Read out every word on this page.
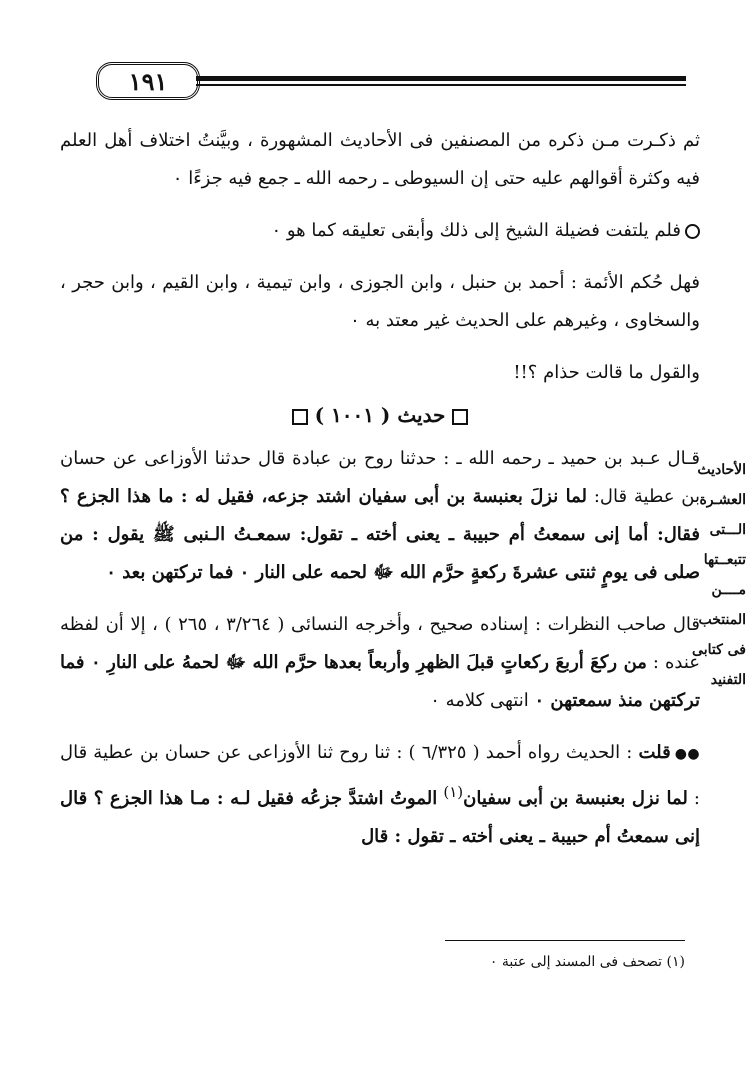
١٩١

ثم ذكـرت مـن ذكره من المصنفين فى الأحاديث المشهورة ، وبيَّنتُ اختلاف أهل العلم فيه وكثرة أقوالهم عليه حتى إن السيوطى ـ رحمه الله ـ جمع فيه جزءًا ٠

فلم يلتفت فضيلة الشيخ إلى ذلك وأبقى تعليقه كما هو ٠

فهل حُكم الأئمة : أحمد بن حنبل ، وابن الجوزى ، وابن تيمية ، وابن القيم ، وابن حجر ، والسخاوى ، وغيرهم على الحديث غير معتد به ٠

والقول ما قالت حذام ؟!!

حديث ( ١٠٠١ )

قـال عـبد بن حميد ـ رحمه الله ـ : حدثنا روح بن عبادة قال حدثنا الأوزاعى عن حسان بن عطية قال: لما نزلَ بعنبسة بن أبى سفيان اشتد جزعه، فقيل له : ما هذا الجزع ؟ فقال: أما إنى سمعتُ أم حبيبة ـ يعنى أخته ـ تقول: سمعـتُ الـنبى ﷺ يقول : من صلى فى يومٍ ثنتى عشرةَ ركعةٍ حرَّم الله ﷻ لحمه على النار ٠ فما تركتهن بعد ٠

قال صاحب النظرات : إسناده صحيح ، وأخرجه النسائى ( ٣/٢٦٤ ، ٢٦٥ ) ، إلا أن لفظه عنده : من ركعَ أربعَ ركعاتٍ قبلَ الظهرِ وأربعاً بعدها حرَّم الله ﷻ لحمهُ على النارِ ٠ فما تركتهن منذ سمعتهن ٠ انتهى كلامه ٠

●●قلت : الحديث رواه أحمد ( ٦/٣٢٥ ) : ثنا روح ثنا الأوزاعى عن حسان بن عطية قال : لما نزل بعنبسة بن أبى سفيان$^{(١)}$ الموتُ اشتدَّ جزعُه فقيل لـه : مـا هذا الجزع ؟ قال إنى سمعتُ أم حبيبة ـ يعنى أخته ـ تقول : قال

الأحاديث
العشـرة
الـــتى
تتبعــتها
مــــن
المنتخب
فى كتابى
التفنيد
(١) تصحف فى المسند إلى عتبة ٠
